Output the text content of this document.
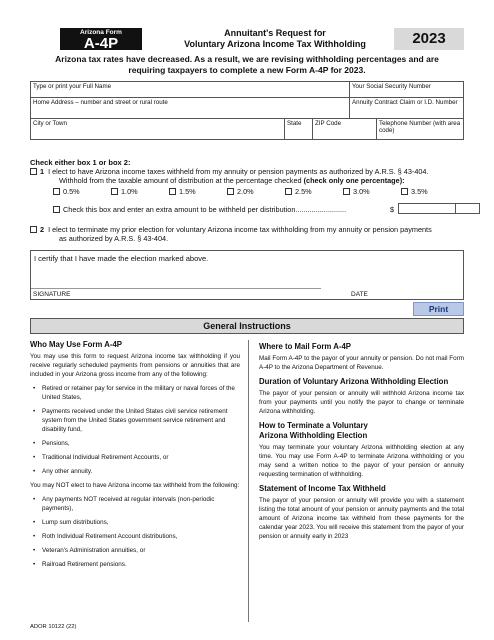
Arizona Form
A-4P
Annuitant's Request for
Voluntary Arizona Income Tax Withholding	2023
Arizona tax rates have decreased. As a result, we are revising withholding percentages and are
requiring taxpayers to complete a new Form A-4P for 2023.
Type or print your Full Name	Your Social Security Number
Home Address – number and street or rural route	Annuity Contract Claim or I.D. Number
City or Town	State	ZIP Code	Telephone Number (with area code)
Check either box 1 or box 2:
1 I elect to have Arizona income taxes withheld from my annuity or pension payments as authorized by A.R.S. § 43-404.
Withhold from the taxable amount of distribution at the percentage checked (check only one percentage):
0.5%	1.0%	1.5%	2.0%	2.5%	3.0%	3.5%
Check this box and enter an extra amount to be withheld per distribution.........................	$
2 I elect to terminate my prior election for voluntary Arizona income tax withholding from my annuity or pension payments
as authorized by A.R.S. § 43-404.
I certify that I have made the election marked above.
SIGNATURE	DATE
Print
General Instructions
Who May Use Form A-4P

You may use this form to request Arizona income tax withholding if you receive regularly scheduled payments from pensions or annuities that are included in your Arizona gross income from any of the following:

• Retired or retainer pay for service in the military or naval forces of the United States,
• Payments received under the United States civil service retirement system from the United States government service retirement and disability fund,
• Pensions,
• Traditional Individual Retirement Accounts, or
• Any other annuity.

You may NOT elect to have Arizona income tax withheld from the following:

• Any payments NOT received at regular intervals (non-periodic payments),
• Lump sum distributions,
• Roth Individual Retirement Account distributions,
• Veteran's Administration annuities, or
• Railroad Retirement pensions.
Where to Mail Form A-4P

Mail Form A-4P to the payor of your annuity or pension. Do not mail Form A-4P to the Arizona Department of Revenue.

Duration of Voluntary Arizona Withholding Election

The payor of your pension or annuity will withhold Arizona income tax from your payments until you notify the payor to change or terminate Arizona withholding.

How to Terminate a Voluntary
Arizona Withholding Election

You may terminate your voluntary Arizona withholding election at any time. You may use Form A-4P to terminate Arizona withholding or you may send a written notice to the payor of your pension or annuity requesting termination of withholding.

Statement of Income Tax Withheld

The payor of your pension or annuity will provide you with a statement listing the total amount of your pension or annuity payments and the total amount of Arizona income tax withheld from these payments for the calendar year 2023. You will receive this statement from the payor of your pension or annuity early in 2023

ADOR 10122 (22)
